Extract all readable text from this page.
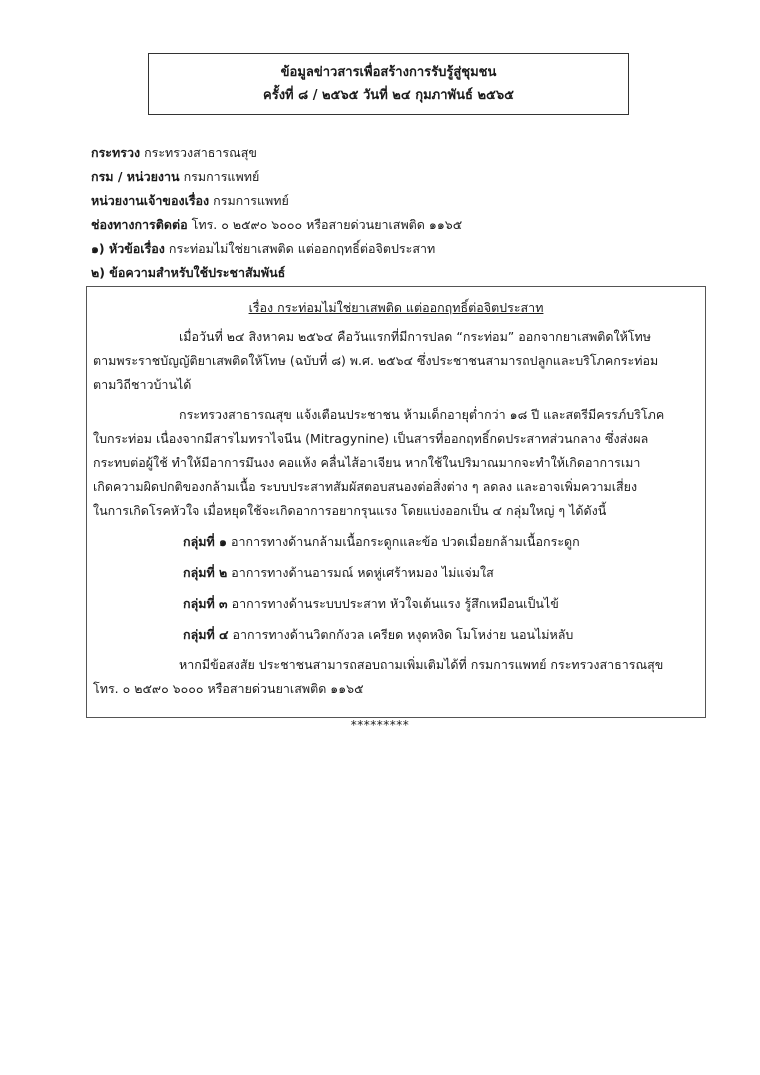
ข้อมูลข่าวสารเพื่อสร้างการรับรู้สู่ชุมชน
ครั้งที่ ๘ / ๒๕๖๕ วันที่ ๒๔ กุมภาพันธ์ ๒๕๖๕
กระทรวง กระทรวงสาธารณสุข
กรม / หน่วยงาน กรมการแพทย์
หน่วยงานเจ้าของเรื่อง กรมการแพทย์
ช่องทางการติดต่อ โทร. ๐ ๒๕๙๐ ๖๐๐๐ หรือสายด่วนยาเสพติด ๑๑๖๕
๑) หัวข้อเรื่อง กระท่อมไม่ใช่ยาเสพติด แต่ออกฤทธิ์ต่อจิตประสาท
๒) ข้อความสำหรับใช้ประชาสัมพันธ์
เรื่อง กระท่อมไม่ใช่ยาเสพติด แต่ออกฤทธิ์ต่อจิตประสาท
เมื่อวันที่ ๒๔ สิงหาคม ๒๕๖๔ คือวันแรกที่มีการปลด “กระท่อม” ออกจากยาเสพติดให้โทษ
ตามพระราชบัญญัติยาเสพติดให้โทษ (ฉบับที่ ๘) พ.ศ. ๒๕๖๔ ซึ่งประชาชนสามารถปลูกและบริโภคกระท่อม
ตามวิถีชาวบ้านได้
กระทรวงสาธารณสุข แจ้งเตือนประชาชน ห้ามเด็กอายุต่ำกว่า ๑๘ ปี และสตรีมีครรภ์บริโภค
ใบกระท่อม เนื่องจากมีสารไมทราไจนีน (Mitragynine) เป็นสารที่ออกฤทธิ์กดประสาทส่วนกลาง ซึ่งส่งผล
กระทบต่อผู้ใช้ ทำให้มีอาการมึนงง คอแห้ง คลื่นไส้อาเจียน หากใช้ในปริมาณมากจะทำให้เกิดอาการเมา
เกิดความผิดปกติของกล้ามเนื้อ ระบบประสาทสัมผัสตอบสนองต่อสิ่งต่าง ๆ ลดลง และอาจเพิ่มความเสี่ยง
ในการเกิดโรคหัวใจ เมื่อหยุดใช้จะเกิดอาการอยากรุนแรง โดยแบ่งออกเป็น ๔ กลุ่มใหญ่ ๆ ได้ดังนี้
กลุ่มที่ ๑ อาการทางด้านกล้ามเนื้อกระดูกและข้อ ปวดเมื่อยกล้ามเนื้อกระดูก
กลุ่มที่ ๒ อาการทางด้านอารมณ์ หดหู่เศร้าหมอง ไม่แจ่มใส
กลุ่มที่ ๓ อาการทางด้านระบบประสาท หัวใจเต้นแรง รู้สึกเหมือนเป็นไข้
กลุ่มที่ ๔ อาการทางด้านวิตกกังวล เครียด หงุดหงิด โมโหง่าย นอนไม่หลับ
หากมีข้อสงสัย ประชาชนสามารถสอบถามเพิ่มเติมได้ที่ กรมการแพทย์ กระทรวงสาธารณสุข
โทร. ๐ ๒๕๙๐ ๖๐๐๐ หรือสายด่วนยาเสพติด ๑๑๖๕
*********
